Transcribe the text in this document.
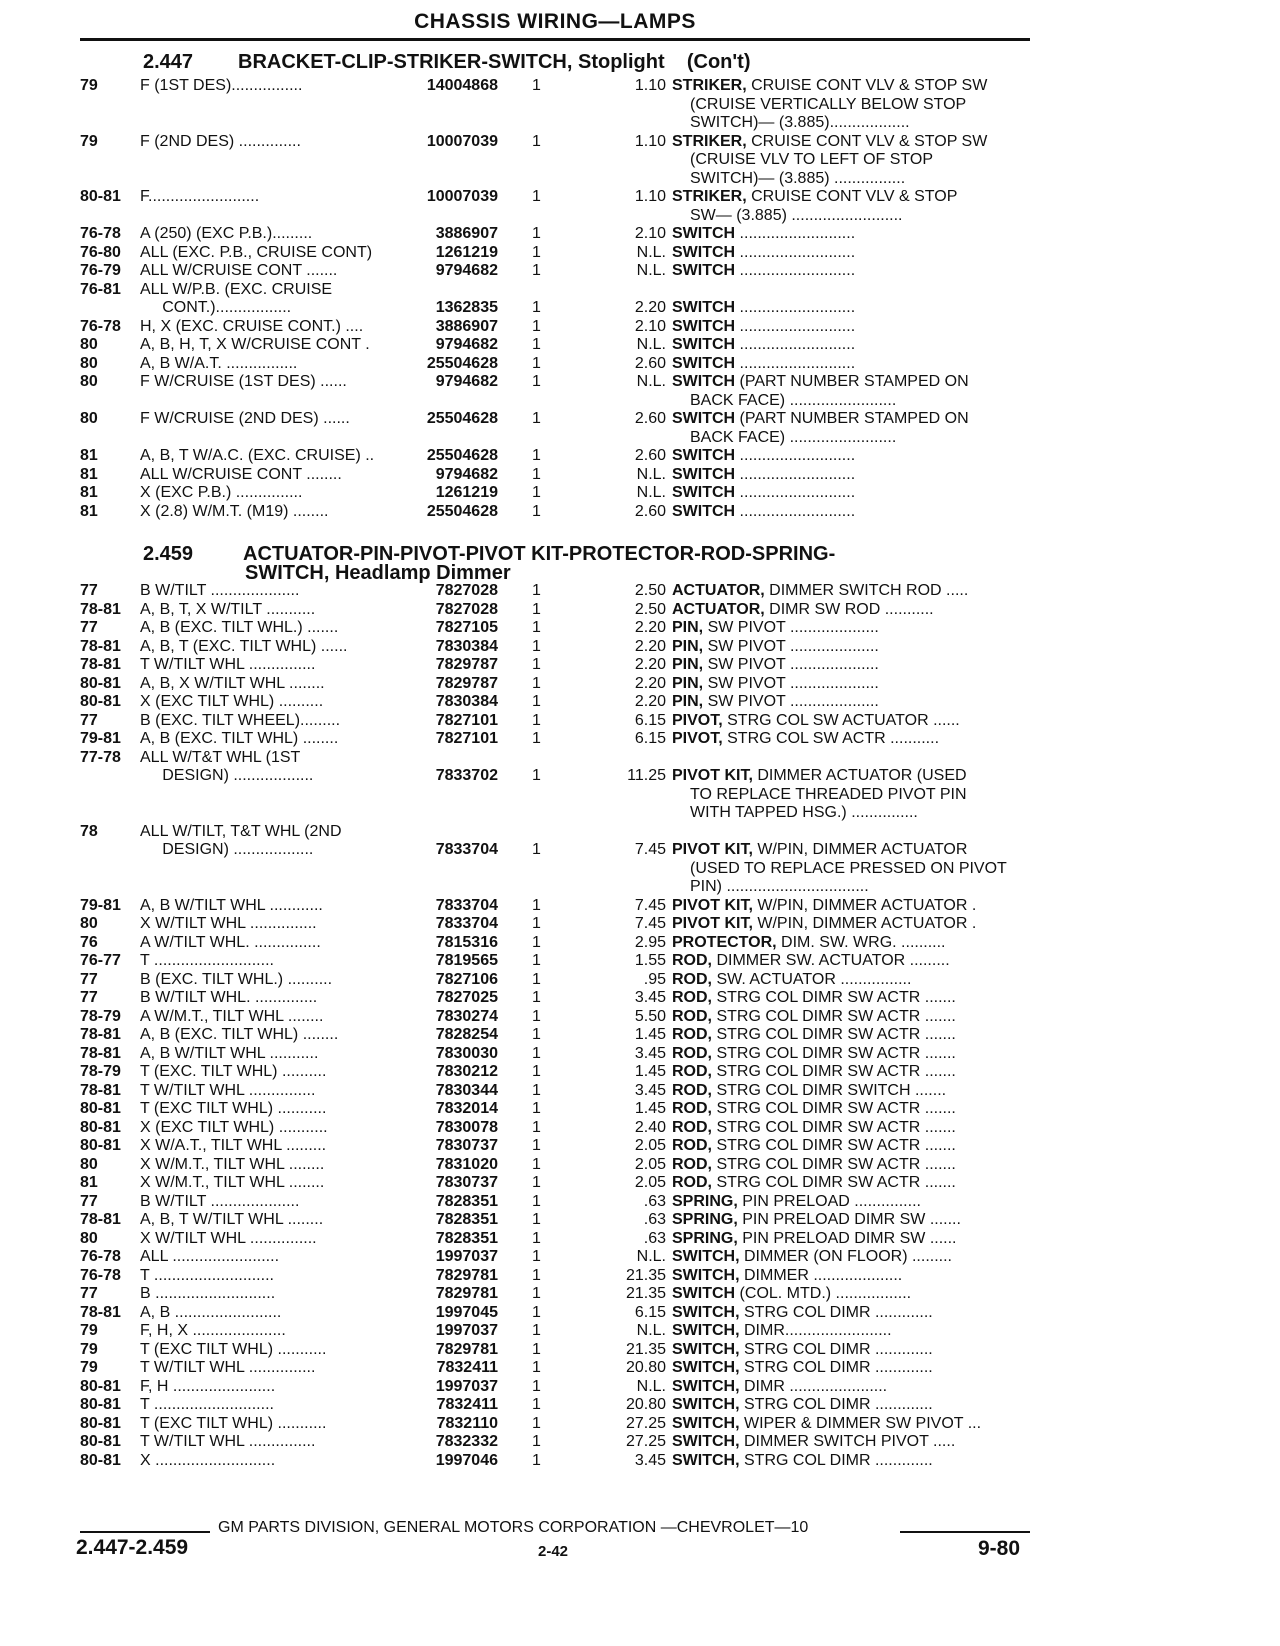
CHASSIS WIRING—LAMPS
2.447 BRACKET-CLIP-STRIKER-SWITCH, Stoplight (Con't)
2.459 ACTUATOR-PIN-PIVOT-PIVOT KIT-PROTECTOR-ROD-SPRING-
SWITCH, Headlamp Dimmer
79	F (1ST DES)................	14004868 1	1.10 STRIKER, CRUISE CONT VLV & STOP SW
(CRUISE VERTICALLY BELOW STOP
SWITCH)— (3.885)..................
79	F (2ND DES) ..............	10007039 1	1.10 STRIKER, CRUISE CONT VLV & STOP SW
(CRUISE VLV TO LEFT OF STOP
SWITCH)— (3.885) ................
80-81	F.........................	10007039 1	1.10 STRIKER, CRUISE CONT VLV & STOP
SW— (3.885) .........................
76-78	A (250) (EXC P.B.).........	3886907 1	2.10 SWITCH ..........................
76-80	ALL (EXC. P.B., CRUISE CONT)	1261219 1	N.L. SWITCH ..........................
76-79	ALL W/CRUISE CONT .......	9794682 1	N.L. SWITCH ..........................
76-81	ALL W/P.B. (EXC. CRUISE
CONT.).................	1362835 1	2.20 SWITCH ..........................
76-78	H, X (EXC. CRUISE CONT.) ....	3886907 1	2.10 SWITCH ..........................
80	A, B, H, T, X W/CRUISE CONT .	9794682 1	N.L. SWITCH ..........................
80	A, B W/A.T. ................	25504628 1	2.60 SWITCH ..........................
80	F W/CRUISE (1ST DES) ......	9794682 1	N.L. SWITCH (PART NUMBER STAMPED ON
BACK FACE) ........................
80	F W/CRUISE (2ND DES) ......	25504628 1	2.60 SWITCH (PART NUMBER STAMPED ON
BACK FACE) ........................
81	A, B, T W/A.C. (EXC. CRUISE) ..	25504628 1	2.60 SWITCH ..........................
81	ALL W/CRUISE CONT ........	9794682 1	N.L. SWITCH ..........................
81	X (EXC P.B.) ...............	1261219 1	N.L. SWITCH ..........................
81	X (2.8) W/M.T. (M19) ........	25504628 1	2.60 SWITCH ..........................
77	B W/TILT ....................	7827028 1	2.50 ACTUATOR, DIMMER SWITCH ROD .....
78-81	A, B, T, X W/TILT ...........	7827028 1	2.50 ACTUATOR, DIMR SW ROD ...........
77	A, B (EXC. TILT WHL.) .......	7827105 1	2.20 PIN, SW PIVOT ....................
78-81	A, B, T (EXC. TILT WHL) ......	7830384 1	2.20 PIN, SW PIVOT ....................
78-81	T W/TILT WHL ...............	7829787 1	2.20 PIN, SW PIVOT ....................
80-81	A, B, X W/TILT WHL ........	7829787 1	2.20 PIN, SW PIVOT ....................
80-81	X (EXC TILT WHL) ..........	7830384 1	2.20 PIN, SW PIVOT ....................
77	B (EXC. TILT WHEEL).........	7827101 1	6.15 PIVOT, STRG COL SW ACTUATOR ......
79-81	A, B (EXC. TILT WHL) ........	7827101 1	6.15 PIVOT, STRG COL SW ACTR ...........
77-78	ALL W/T&T WHL (1ST
DESIGN) ..................	7833702 1	11.25 PIVOT KIT, DIMMER ACTUATOR (USED
TO REPLACE THREADED PIVOT PIN
WITH TAPPED HSG.) ...............
78	ALL W/TILT, T&T WHL (2ND
DESIGN) ..................	7833704 1	7.45 PIVOT KIT, W/PIN, DIMMER ACTUATOR
(USED TO REPLACE PRESSED ON PIVOT
PIN) ................................
79-81	A, B W/TILT WHL ............	7833704 1	7.45 PIVOT KIT, W/PIN, DIMMER ACTUATOR .
80	X W/TILT WHL ...............	7833704 1	7.45 PIVOT KIT, W/PIN, DIMMER ACTUATOR .
76	A W/TILT WHL. ...............	7815316 1	2.95 PROTECTOR, DIM. SW. WRG. ..........
76-77	T ...........................	7819565 1	1.55 ROD, DIMMER SW. ACTUATOR .........
77	B (EXC. TILT WHL.) ..........	7827106 1	.95 ROD, SW. ACTUATOR ................
77	B W/TILT WHL. ..............	7827025 1	3.45 ROD, STRG COL DIMR SW ACTR .......
78-79	A W/M.T., TILT WHL ........	7830274 1	5.50 ROD, STRG COL DIMR SW ACTR .......
78-81	A, B (EXC. TILT WHL) ........	7828254 1	1.45 ROD, STRG COL DIMR SW ACTR .......
78-81	A, B W/TILT WHL ...........	7830030 1	3.45 ROD, STRG COL DIMR SW ACTR .......
78-79	T (EXC. TILT WHL) ..........	7830212 1	1.45 ROD, STRG COL DIMR SW ACTR .......
78-81	T W/TILT WHL ...............	7830344 1	3.45 ROD, STRG COL DIMR SWITCH .......
80-81	T (EXC TILT WHL) ...........	7832014 1	1.45 ROD, STRG COL DIMR SW ACTR .......
80-81	X (EXC TILT WHL) ...........	7830078 1	2.40 ROD, STRG COL DIMR SW ACTR .......
80-81	X W/A.T., TILT WHL .........	7830737 1	2.05 ROD, STRG COL DIMR SW ACTR .......
80	X W/M.T., TILT WHL ........	7831020 1	2.05 ROD, STRG COL DIMR SW ACTR .......
81	X W/M.T., TILT WHL ........	7830737 1	2.05 ROD, STRG COL DIMR SW ACTR .......
77	B W/TILT ....................	7828351 1	.63 SPRING, PIN PRELOAD ...............
78-81	A, B, T W/TILT WHL ........	7828351 1	.63 SPRING, PIN PRELOAD DIMR SW .......
80	X W/TILT WHL ...............	7828351 1	.63 SPRING, PIN PRELOAD DIMR SW ......
76-78	ALL ........................	1997037 1	N.L. SWITCH, DIMMER (ON FLOOR) .........
76-78	T ...........................	7829781 1	21.35 SWITCH, DIMMER ....................
77	B ...........................	7829781 1	21.35 SWITCH (COL. MTD.) .................
78-81	A, B ........................	1997045 1	6.15 SWITCH, STRG COL DIMR .............
79	F, H, X .....................	1997037 1	N.L. SWITCH, DIMR........................
79	T (EXC TILT WHL) ...........	7829781 1	21.35 SWITCH, STRG COL DIMR .............
79	T W/TILT WHL ...............	7832411 1	20.80 SWITCH, STRG COL DIMR .............
80-81	F, H .......................	1997037 1	N.L. SWITCH, DIMR ......................
80-81	T ...........................	7832411 1	20.80 SWITCH, STRG COL DIMR .............
80-81	T (EXC TILT WHL) ...........	7832110 1	27.25 SWITCH, WIPER & DIMMER SW PIVOT ...
80-81	T W/TILT WHL ...............	7832332 1	27.25 SWITCH, DIMMER SWITCH PIVOT .....
80-81	X ...........................	1997046 1	3.45 SWITCH, STRG COL DIMR .............
GM PARTS DIVISION, GENERAL MOTORS CORPORATION —CHEVROLET—10
2.447-2.459	2-42	9-80
